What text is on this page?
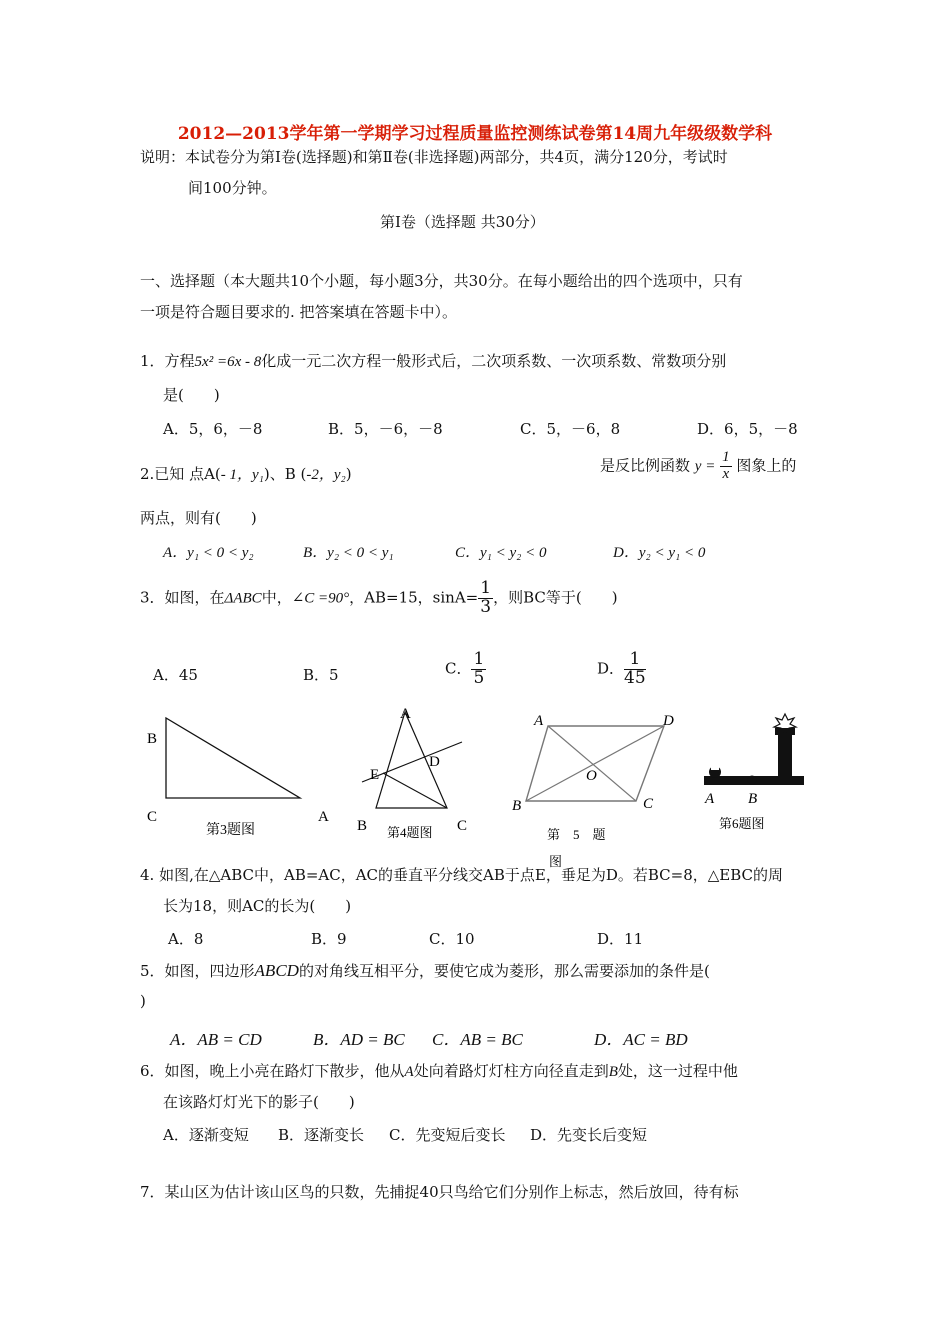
2012—2013学年第一学期学习过程质量监控测练试卷第14周九年级级数学科
说明：本试卷分为第Ⅰ卷(选择题)和第Ⅱ卷(非选择题)两部分，共4页，满分120分，考试时
间100分钟。
第Ⅰ卷（选择题 共30分）
一、选择题（本大题共10个小题，每小题3分，共30分。在每小题给出的四个选项中，只有
一项是符合题目要求的. 把答案填在答题卡中）。
1．方程5x² =6x - 8化成一元二次方程一般形式后，二次项系数、一次项系数、常数项分别
是(　　)
A．5，6，－8	B．5，－6，－8	C．5，－6，8	D．6，5，－8
2.已知 点A(- 1，y₁)、B (-2，y₂)	是反比例函数 $y = \frac{1}{x}$ 图象上的
两点，则有(　　)
A．y₁ < 0 < y₂	B．y₂ < 0 < y₁	C．y₁ < y₂ < 0	D．y₂ < y₁ < 0
3．如图，在ΔABC中，∠C =90°，AB=15，$\sin A= \frac{1}{3}$ ，则BC等于(　　)
A．45	B．5	C． $\frac{1}{5}$	D． $\frac{1}{45}$
B
C	A
第3题图
A
E
D
B	C
第4题图
A	D
O
B	C
第　5　题
图
A B
第6题图
4. 如图,在△ABC中，AB=AC，AC的垂直平分线交AB于点E，垂足为D。若BC=8，△EBC的周
长为18，则AC的长为(　　)
A．8	B．9	C．10	D．11
5．如图，四边形ABCD的对角线互相平分，要使它成为菱形，那么需要添加的条件是(
)
A．AB = CD	B．AD = BC C．AB = BC	D．AC = BD
6．如图，晚上小亮在路灯下散步，他从A处向着路灯灯柱方向径直走到B处，这一过程中他
在该路灯灯光下的影子(　　)
A．逐渐变短 B．逐渐变长 C．先变短后变长 D．先变长后变短
7．某山区为估计该山区鸟的只数，先捕捉40只鸟给它们分别作上标志，然后放回，待有标
